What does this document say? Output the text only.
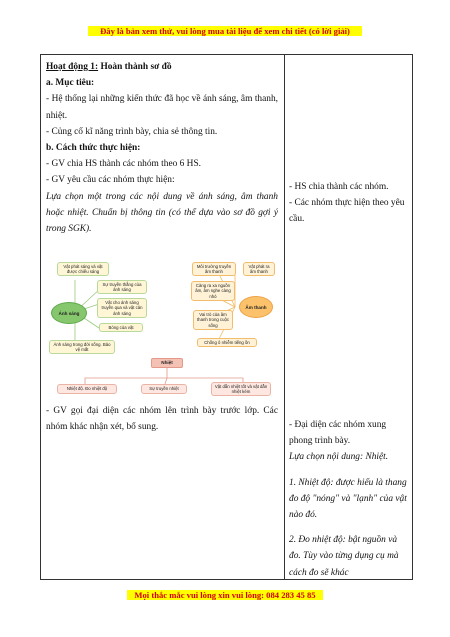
Đây là bản xem thử, vui lòng mua tài liệu để xem chi tiết (có lời giải)

Hoạt động 1: Hoàn thành sơ đồ

a. Mục tiêu:

- Hệ thống lại những kiến thức đã học về ánh sáng, âm thanh, nhiệt.

- Củng cố kĩ năng trình bày, chia sẻ thông tin.

b. Cách thức thực hiện:

- GV chia HS thành các nhóm theo 6 HS.

- GV yêu cầu các nhóm thực hiện:

Lựa chọn một trong các nội dung về ánh sáng, âm thanh hoặc nhiệt. Chuẩn bị thông tin (có thể dựa vào sơ đồ gợi ý trong SGK).

Vật phát sáng và vật được chiếu sáng
Sự truyền thẳng của ánh sáng
Vật cho ánh sáng truyền qua và vật cản ánh sáng
Bóng của vật
Ánh sáng
Ánh sáng trong đời sống. Bảo vệ mắt
Môi trường truyền âm thanh
Vật phát ra âm thanh
Càng ra xa nguồn âm, âm nghe càng nhỏ
Vai trò của âm thanh trong cuộc sống
Âm thanh
Chống ô nhiễm tiếng ồn
Nhiệt
Nhiệt độ. Đo nhiệt độ	Sự truyền nhiệt	Vật dẫn nhiệt tốt và vật dẫn nhiệt kém

- GV gọi đại diện các nhóm lên trình bày trước lớp. Các nhóm khác nhận xét, bổ sung.

- HS chia thành các nhóm.

- Các nhóm thực hiện theo yêu cầu.

- Đại diện các nhóm xung phong trình bày.

Lựa chọn nội dung: Nhiệt.

1. Nhiệt độ: được hiểu là thang đo độ "nóng" và "lạnh" của vật nào đó.

2. Đo nhiệt độ: bật nguồn và đo. Tùy vào từng dụng cụ mà cách đo sẽ khác

Mọi thắc mắc vui lòng xin vui lòng: 084 283 45 85
